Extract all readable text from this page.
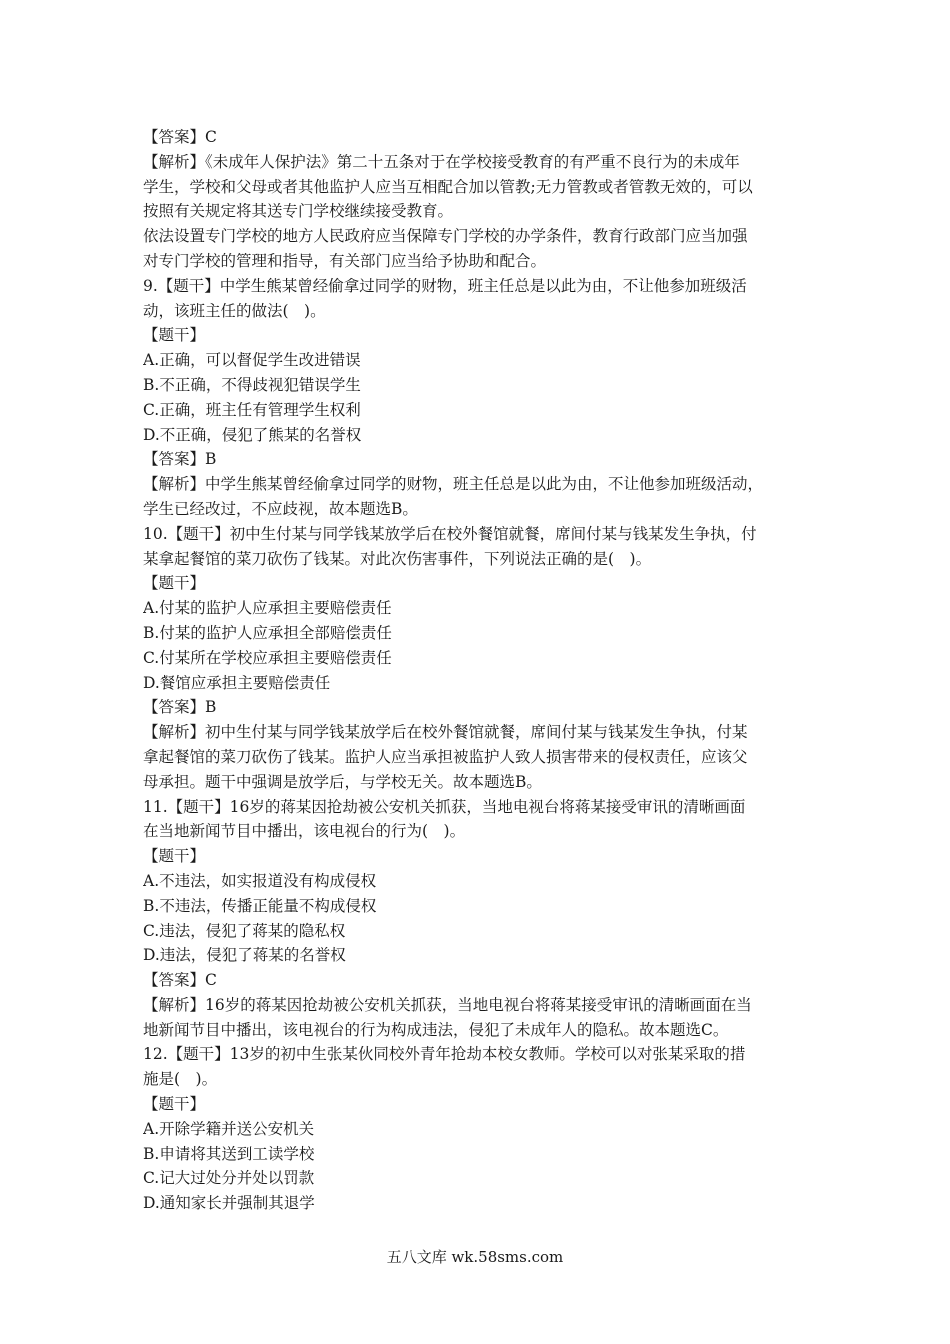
【答案】C
【解析】《未成年人保护法》第二十五条对于在学校接受教育的有严重不良行为的未成年
学生，学校和父母或者其他监护人应当互相配合加以管教;无力管教或者管教无效的，可以
按照有关规定将其送专门学校继续接受教育。
依法设置专门学校的地方人民政府应当保障专门学校的办学条件，教育行政部门应当加强
对专门学校的管理和指导，有关部门应当给予协助和配合。
9.【题干】中学生熊某曾经偷拿过同学的财物，班主任总是以此为由，不让他参加班级活
动，该班主任的做法(　)。
【题干】
A.正确，可以督促学生改进错误
B.不正确，不得歧视犯错误学生
C.正确，班主任有管理学生权利
D.不正确，侵犯了熊某的名誉权
【答案】B
【解析】中学生熊某曾经偷拿过同学的财物，班主任总是以此为由，不让他参加班级活动，
学生已经改过，不应歧视，故本题选B。
10.【题干】初中生付某与同学钱某放学后在校外餐馆就餐，席间付某与钱某发生争执，付
某拿起餐馆的菜刀砍伤了钱某。对此次伤害事件，下列说法正确的是(　)。
【题干】
A.付某的监护人应承担主要赔偿责任
B.付某的监护人应承担全部赔偿责任
C.付某所在学校应承担主要赔偿责任
D.餐馆应承担主要赔偿责任
【答案】B
【解析】初中生付某与同学钱某放学后在校外餐馆就餐，席间付某与钱某发生争执，付某
拿起餐馆的菜刀砍伤了钱某。监护人应当承担被监护人致人损害带来的侵权责任，应该父
母承担。题干中强调是放学后，与学校无关。故本题选B。
11.【题干】16岁的蒋某因抢劫被公安机关抓获，当地电视台将蒋某接受审讯的清晰画面
在当地新闻节目中播出，该电视台的行为(　)。
【题干】
A.不违法，如实报道没有构成侵权
B.不违法，传播正能量不构成侵权
C.违法，侵犯了蒋某的隐私权
D.违法，侵犯了蒋某的名誉权
【答案】C
【解析】16岁的蒋某因抢劫被公安机关抓获，当地电视台将蒋某接受审讯的清晰画面在当
地新闻节目中播出，该电视台的行为构成违法，侵犯了未成年人的隐私。故本题选C。
12.【题干】13岁的初中生张某伙同校外青年抢劫本校女教师。学校可以对张某采取的措
施是(　)。
【题干】
A.开除学籍并送公安机关
B.申请将其送到工读学校
C.记大过处分并处以罚款
D.通知家长并强制其退学
五八文库 wk.58sms.com
